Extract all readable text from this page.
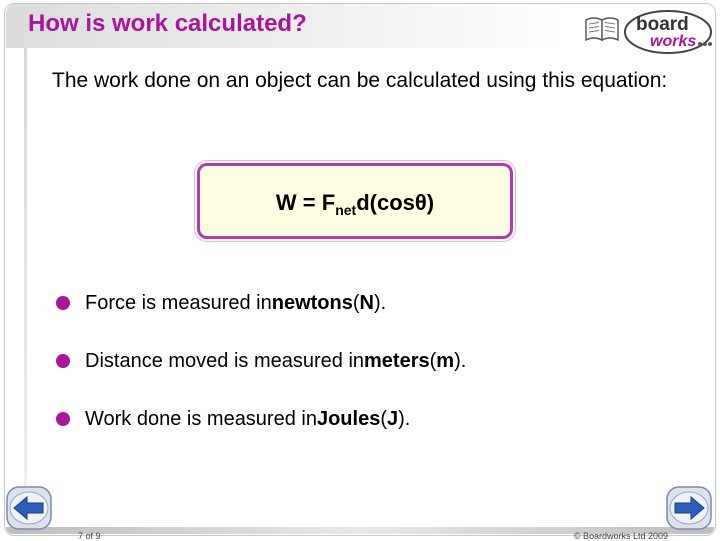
How is work calculated?	board
works
The work done on an object can be calculated using this equation:
$W = F_{net}d(\cos\theta)$
Force is measured in newtons ( N ).
Distance moved is measured in meters ( m ).
Work done is measured in Joules ( J ).
7 of 9	© Boardworks Ltd 2009
